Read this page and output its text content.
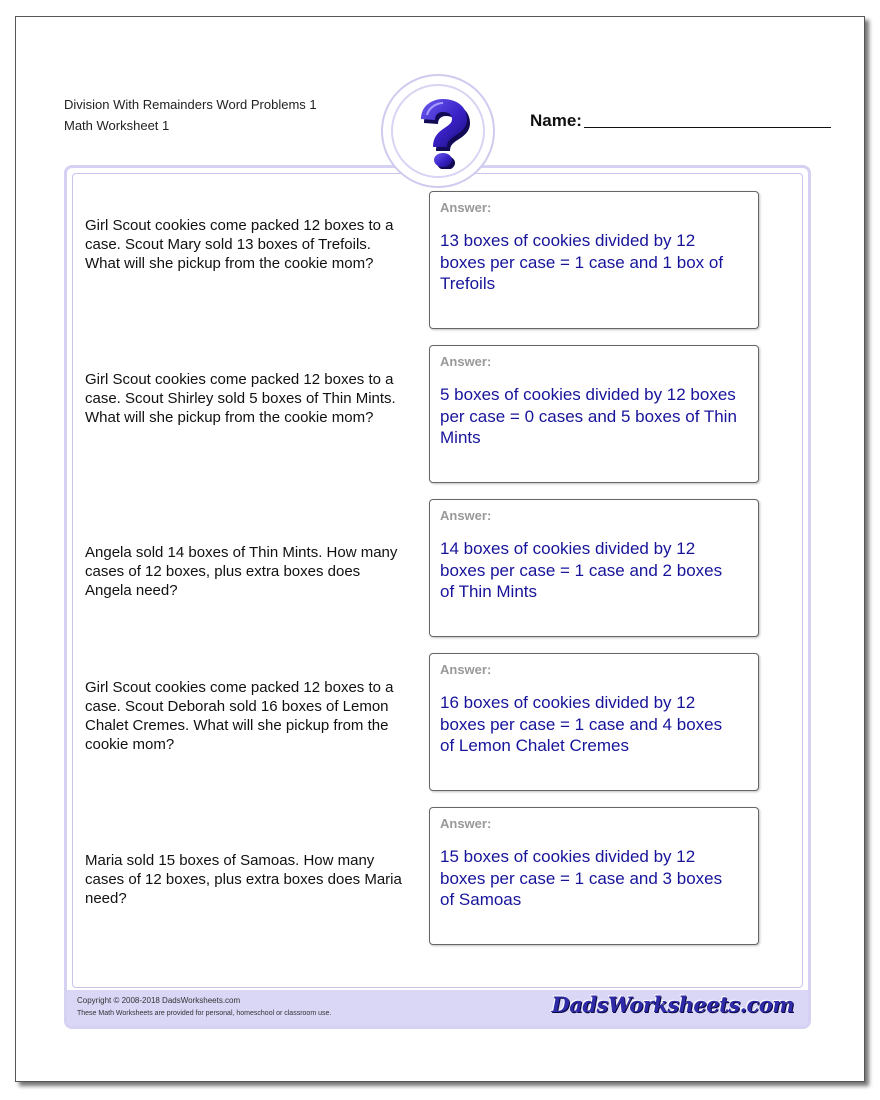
Division With Remainders Word Problems 1
Math Worksheet 1	Name:
Copyright © 2008-2018 DadsWorksheets.com
These Math Worksheets are provided for personal, homeschool or classroom use.	DadsWorksheets.com
Girl Scout cookies come packed 12 boxes to a case. Scout Mary sold 13 boxes of Trefoils. What will she pickup from the cookie mom?
Answer:
13 boxes of cookies divided by 12 boxes per case = 1 case and 1 box of Trefoils
Girl Scout cookies come packed 12 boxes to a case. Scout Shirley sold 5 boxes of Thin Mints. What will she pickup from the cookie mom?
Answer:
5 boxes of cookies divided by 12 boxes per case = 0 cases and 5 boxes of Thin Mints
Angela sold 14 boxes of Thin Mints. How many cases of 12 boxes, plus extra boxes does Angela need?
Answer:
14 boxes of cookies divided by 12 boxes per case = 1 case and 2 boxes of Thin Mints
Girl Scout cookies come packed 12 boxes to a case. Scout Deborah sold 16 boxes of Lemon Chalet Cremes. What will she pickup from the cookie mom?
Answer:
16 boxes of cookies divided by 12 boxes per case = 1 case and 4 boxes of Lemon Chalet Cremes
Maria sold 15 boxes of Samoas. How many cases of 12 boxes, plus extra boxes does Maria need?
Answer:
15 boxes of cookies divided by 12 boxes per case = 1 case and 3 boxes of Samoas
